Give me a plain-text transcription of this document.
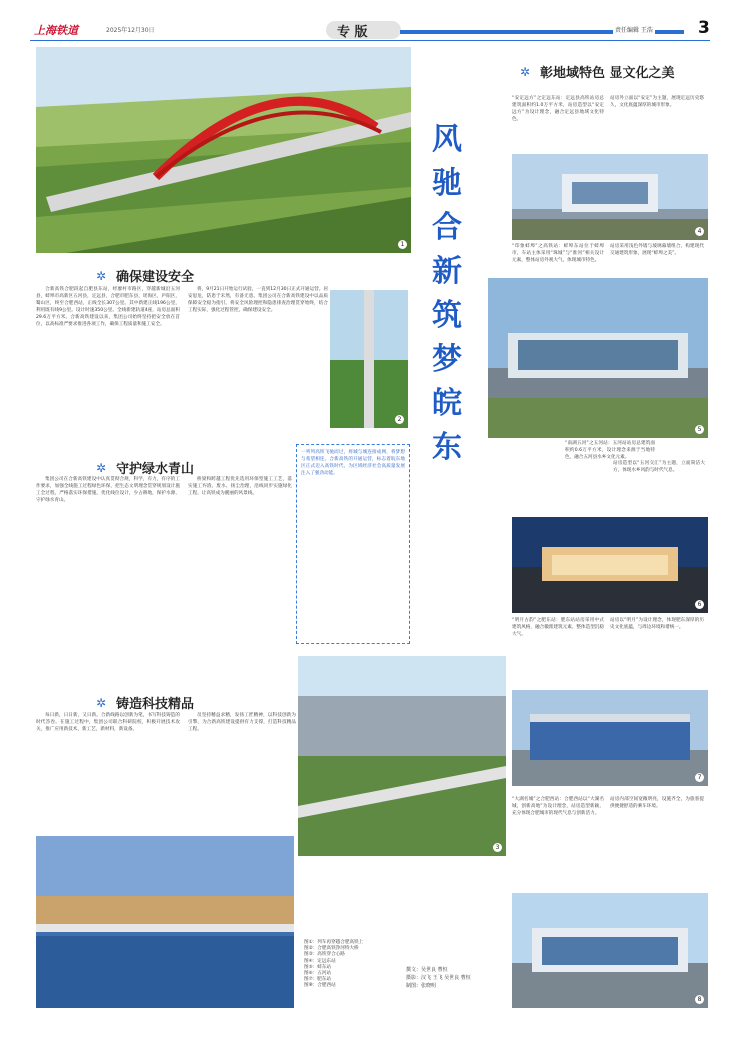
上海铁道	2025年12月30日	专 版	责任编辑 王浩	3
1
✲ 彰地域特色 显文化之美
风
驰
合
新
筑
梦
皖
东
“安定远方”之定远东站：定远县高铁站房总建筑面积约1.0万平方米，站房造型以“安定远方”为设计理念，融合定远县地域文化特色。
站房外立面以“安定”为主题，展现定远历史悠久，文化底蕴深厚的城市形象。
4
“印象蚌埠”之高铁站：蚌埠东站位于蚌埠市，车站主体采用“珠城”与“淮河”相关设计元素，整体站房外观大气，体现城市特色。
站房采用浅色外墙与玻璃幕墙组合，构建现代交通建筑形象，展现“蚌埠之美”。
5
“南湖五河”之五河站：五河站站房总建筑面积约0.6万平方米，设计理念来源于当地特色，融合五河县水乡文化元素。
站房造型以“五河交汇”为主题，立面简洁大方，体现水乡风韵与时代气息。
6
“明月古韵”之肥东站：肥东站站房采用中式建筑风格，融合徽派建筑元素，整体造型沉稳大气。
站房以“明月”为设计理念，体现肥东深厚的历史文化底蕴，与周边环境和谐统一。
7
“大湖名城”之合肥西站：合肥西站以“大湖名城，创新高地”为设计理念，站房造型新颖，充分体现合肥城市的现代气息与创新活力。
站房内部空间宽敞明亮，设施齐全，为旅客提供便捷舒适的乘车环境。
8
✲ 确保建设安全

合新高铁合肥段起自肥县东站，经廖村市路区，穿越新城沿五河县，蚌埠市高新区五河县，定远县，合肥市肥东县，瑶海区，庐阳区，蜀山区，终至合肥西站，正线全长307公里。其中新建正线196公里，利用既有线9公里。设计时速350公里。全线新建轨道4座，站房总面积29.6万平方米。合新高铁建设以来，集团公司始终坚持把安全放在首位，以高标准严要求推进各项工作，确保工程质量和施工安全。

将，9月21日开始运行试验，一直到12月30日正式开通运营。居安思危，防患于未然，有备无患。集团公司在合新高铁建设中以品质保障安全稳为指引，将安全风险理控和隐患排查治理贯穿始终，结合工程实际，强化过程管控，确保建设安全。

2
✲ 守护绿水青山

集团公司在合新高铁建设中认真贯彻合规，科学，有力，有序的工作要求，加强全线施工过程绿色环保，把生态文明理念贯穿规划设计施工全过程，严格落实环保措施，优化线位设计，少占耕地，保护水源，守护绿水青山。

桥梁和跨越工程优先选用环保型施工工艺，落实施工弃渣、废水、扬尘治理，沿线同步实施绿化工程，让高铁成为靓丽的风景线。

一列列高铁飞驰而过，将城与城连接成网，将梦想与希望相连。合新高铁的开通运营，标志着皖东地区正式迈入高铁时代，为区域经济社会高质量发展注入了强劲动能。
✲ 铸造科技精品

每日新，日日新，又日新。合新线路以创新为笔，书写科技铸造的时代答卷。在施工过程中，集团公司联合科研院校，积极开展技术攻关，推广应用新技术，新工艺，新材料，新设备。

员坚持精益求精，发扬工匠精神，以科技创新为引擎，为合新高铁建设提供有力支撑，打造科技精品工程。

3
图①：列车再穿越合肥高铁上
图②：合肥高铁净河特大桥
图③：高铁穿合心路
图④：定远东站
图⑤：蚌东站
图⑥：五河站
图⑦：肥东站
图⑧：合肥西站
撰文：吴世良 曹恒
摄影：汉飞 王飞 吴世良 曹恒
制图：张晓明
